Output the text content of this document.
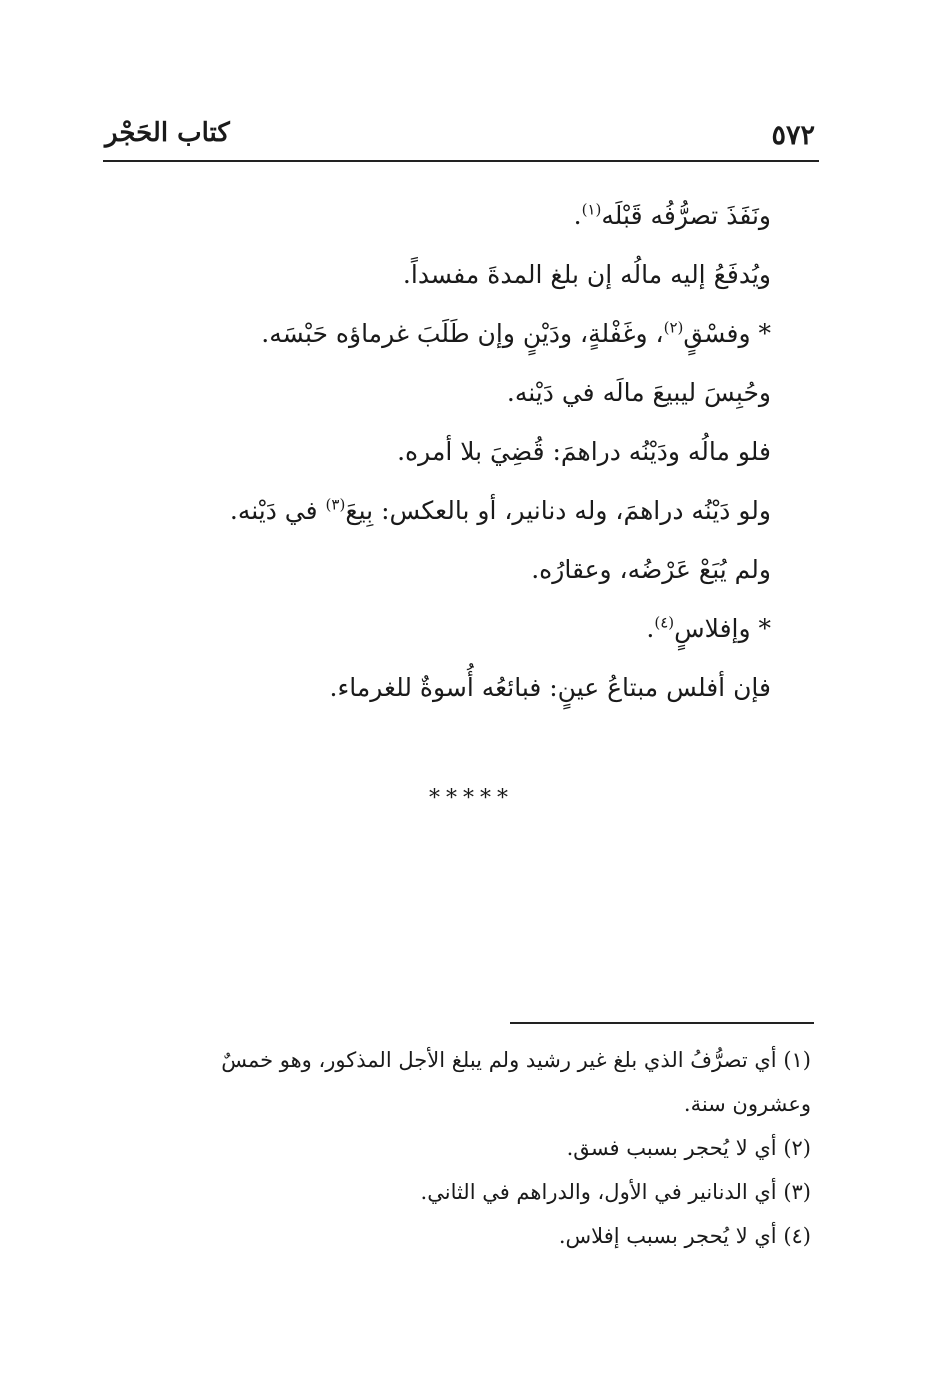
٥٧٢
كتاب الحَجْر
ونَفَذَ تصرُّفُه قَبْلَه$^{(١)}$.
ويُدفَعُ إليه مالُه إن بلغ المدةَ مفسداً.
* وفسْقٍ$^{(٢)}$، وغَفْلةٍ، ودَيْنٍ وإن طَلَبَ غرماؤه حَبْسَه.
وحُبِسَ ليبيعَ مالَه في دَيْنه.
فلو مالُه ودَيْنُه دراهمَ: قُضِيَ بلا أمره.
ولو دَيْنُه دراهمَ، وله دنانير، أو بالعكس: بِيعَ$^{(٣)}$ في دَيْنه.
ولم يُبَعْ عَرْضُه، وعقارُه.
* وإفلاسٍ$^{(٤)}$.
فإن أفلس مبتاعُ عينٍ: فبائعُه أُسوةٌ للغرماء.
*****
(١) أي تصرُّفُ الذي بلغ غير رشيد ولم يبلغ الأجل المذكور، وهو خمسٌ
وعشرون سنة.
(٢) أي لا يُحجر بسبب فسق.
(٣) أي الدنانير في الأول، والدراهم في الثاني.
(٤) أي لا يُحجر بسبب إفلاس.
